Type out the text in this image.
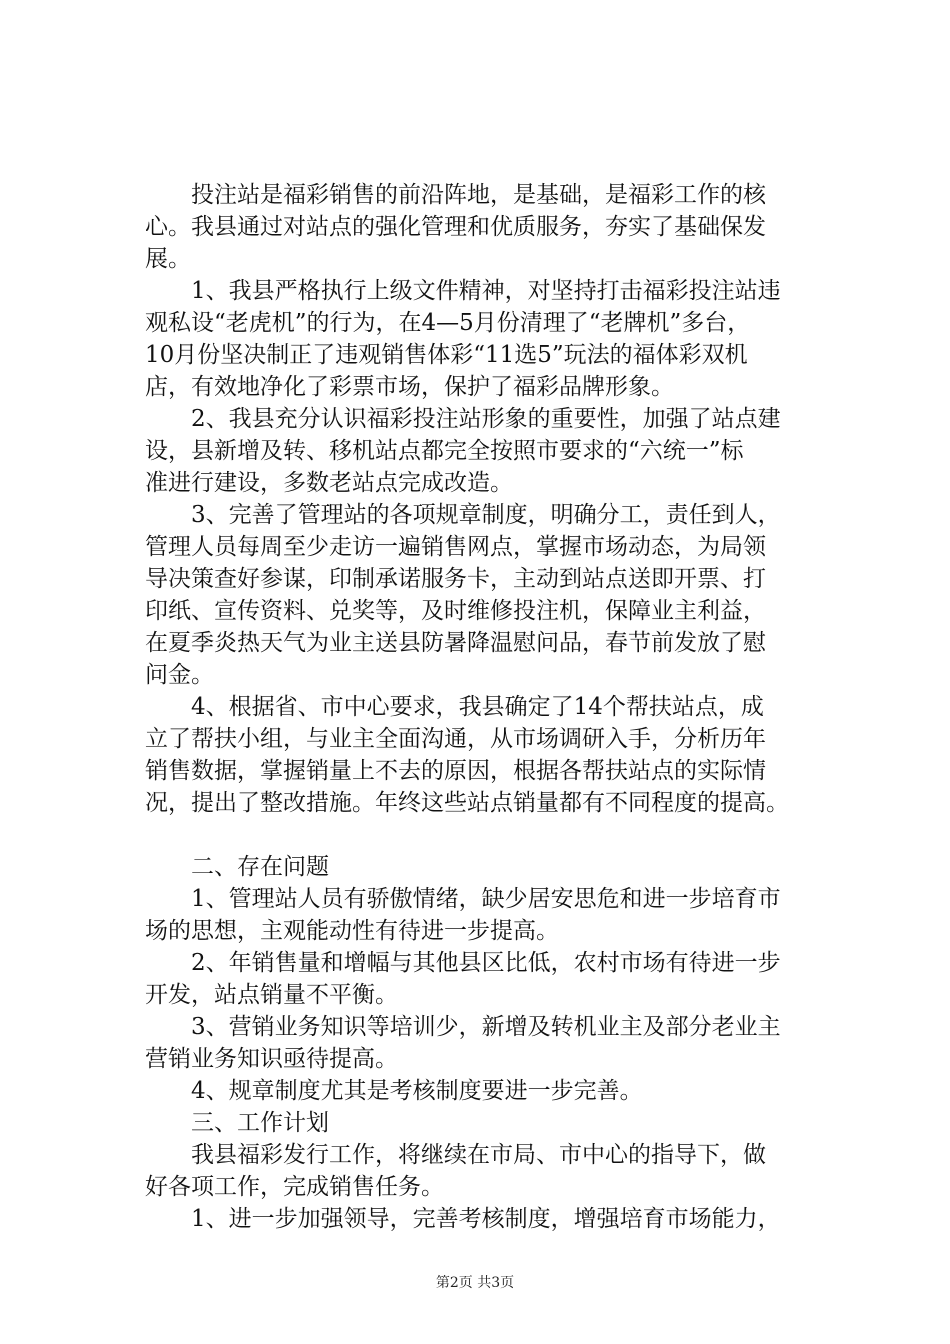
　　投注站是福彩销售的前沿阵地，是基础，是福彩工作的核
心。我县通过对站点的强化管理和优质服务，夯实了基础保发
展。
　　1、我县严格执行上级文件精神，对坚持打击福彩投注站违
观私设“老虎机”的行为，在4—5月份清理了“老牌机”多台，
10月份坚决制正了违观销售体彩“11选5”玩法的福体彩双机
店，有效地净化了彩票市场，保护了福彩品牌形象。
　　2、我县充分认识福彩投注站形象的重要性，加强了站点建
设，县新增及转、移机站点都完全按照市要求的“六统一”标
准进行建设，多数老站点完成改造。
　　3、完善了管理站的各项规章制度，明确分工，责任到人，
管理人员每周至少走访一遍销售网点，掌握市场动态，为局领
导决策查好参谋，印制承诺服务卡，主动到站点送即开票、打
印纸、宣传资料、兑奖等，及时维修投注机，保障业主利益，
在夏季炎热天气为业主送县防暑降温慰问品，春节前发放了慰
问金。
　　4、根据省、市中心要求，我县确定了14个帮扶站点，成
立了帮扶小组，与业主全面沟通，从市场调研入手，分析历年
销售数据，掌握销量上不去的原因，根据各帮扶站点的实际情
况，提出了整改措施。年终这些站点销量都有不同程度的提高。
　　二、存在问题
　　1、管理站人员有骄傲情绪，缺少居安思危和进一步培育市
场的思想，主观能动性有待进一步提高。
　　2、年销售量和增幅与其他县区比低，农村市场有待进一步
开发，站点销量不平衡。
　　3、营销业务知识等培训少，新增及转机业主及部分老业主
营销业务知识亟待提高。
　　4、规章制度尤其是考核制度要进一步完善。
　　三、工作计划
　　我县福彩发行工作，将继续在市局、市中心的指导下，做
好各项工作，完成销售任务。
　　1、进一步加强领导，完善考核制度，增强培育市场能力，
第2页 共3页
